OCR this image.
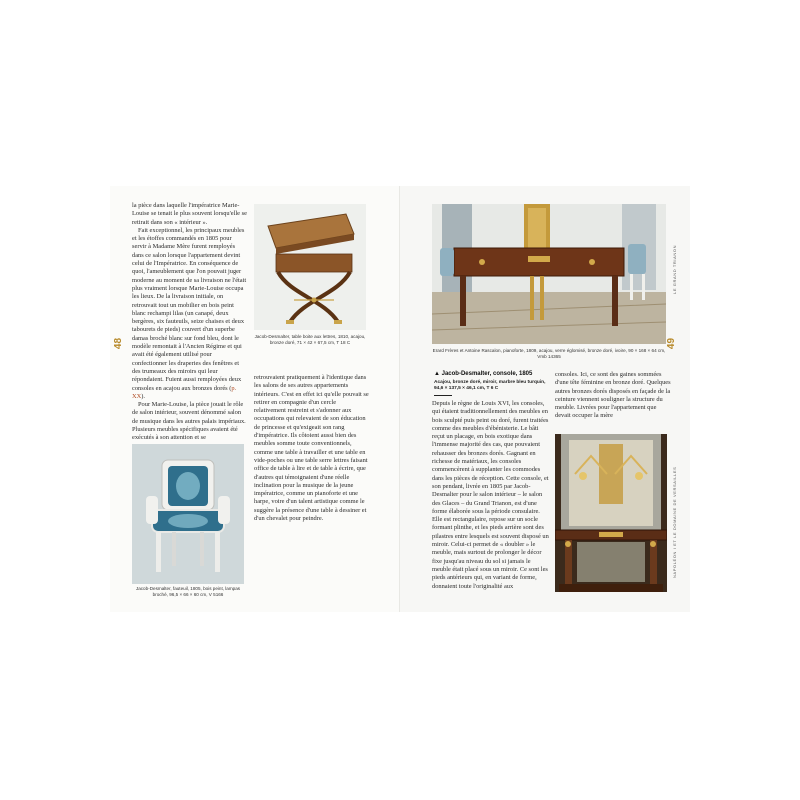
la pièce dans laquelle l'impératrice Marie-Louise se tenait le plus souvent lorsqu'elle se retirait dans son « intérieur ».

Fait exceptionnel, les principaux meubles et les étoffes commandés en 1805 pour servir à Madame Mère furent remployés dans ce salon lorsque l'appartement devint celui de l'Impératrice. En conséquence de quoi, l'ameublement que l'on pouvait juger moderne au moment de sa livraison ne l'était plus vraiment lorsque Marie-Louise occupa les lieux. De la livraison initiale, on retrouvait tout un mobilier en bois peint blanc rechampi lilas (un canapé, deux bergères, six fauteuils, seize chaises et deux tabourets de pieds) couvert d'un superbe damas broché blanc sur fond bleu, dont le modèle remontait à l'Ancien Régime et qui avait été également utilisé pour confectionner les draperies des fenêtres et des trumeaux des miroirs qui leur répondaient. Fuient aussi remployées deux consoles en acajou aux bronzes dorés (p. XX).

Pour Marie-Louise, la pièce jouait le rôle de salon intérieur, souvent dénommé salon de musique dans les autres palais impériaux. Plusieurs meubles spécifiques avaient été exécutés à son attention et se

48
Jacob-Desmalter, table boite aux lettres, 1810, acajou, bronze doré, 71 × 42 × 67,5 cm, T 18 C

retrouvaient pratiquement à l'identique dans les salons de ses autres appartements intérieurs. C'est en effet ici qu'elle pouvait se retirer en compagnie d'un cercle relativement restreint et s'adonner aux occupations qui relevaient de son éducation de princesse et qu'exigeait son rang d'impératrice. Ils côtoient aussi bien des meubles somme toute conventionnels, comme une table à travailler et une table en vide-poches ou une table serre lettres faisant office de table à lire et de table à écrire, que d'autres qui témoignaient d'une réelle inclination pour la musique de la jeune impératrice, comme un pianoforte et une harpe, voire d'un talent artistique comme le suggère la présence d'une table à dessiner et d'un chevalet pour peindre.

Jacob-Desmalter, fauteuil, 1805, bois peint, lampas broché, 96,5 × 66 × 60 cm, V 5166
Erard Frères et Antoine Rascalon, pianoforte, 1809, acajou, verre églomisé, bronze doré, ivoire, 90 × 168 × 64 cm, Vmb 14365
▲ Jacob-Desmalter, console, 1805
Acajou, bronze doré, miroir, marbre bleu turquin, 94,6 × 137,5 × 46,1 cm, T 6 C

Depuis le règne de Louis XVI, les consoles, qui étaient traditionnellement des meubles en bois sculpté puis peint ou doré, furent traitées comme des meubles d'ébénisterie. Le bâti reçut un placage, en bois exotique dans l'immense majorité des cas, que pouvaient rehausser des bronzes dorés. Gagnant en richesse de matériaux, les consoles commencèrent à supplanter les commodes dans les pièces de réception. Cette console, et son pendant, livrée en 1805 par Jacob-Desmalter pour le salon intérieur – le salon des Glaces – du Grand Trianon, est d'une forme élaborée sous la période consulaire. Elle est rectangulaire, repose sur un socle formant plinthe, et les pieds arrière sont des pilastres entre lesquels est souvent disposé un miroir. Celui-ci permet de « doubler » le meuble, mais surtout de prolonger le décor fixe jusqu'au niveau du sol si jamais le meuble était placé sous un miroir. Ce sont les pieds antérieurs qui, en variant de forme, donnaient toute l'originalité aux

consoles. Ici, ce sont des gaines sommées d'une tête féminine en bronze doré. Quelques autres bronzes dorés disposés en façade de la ceinture viennent souligner la structure du meuble. Livrées pour l'appartement que devait occuper la mère

49
LE GRAND TRIANON
NAPOLÉON I ET LE DOMAINE DE VERSAILLES
